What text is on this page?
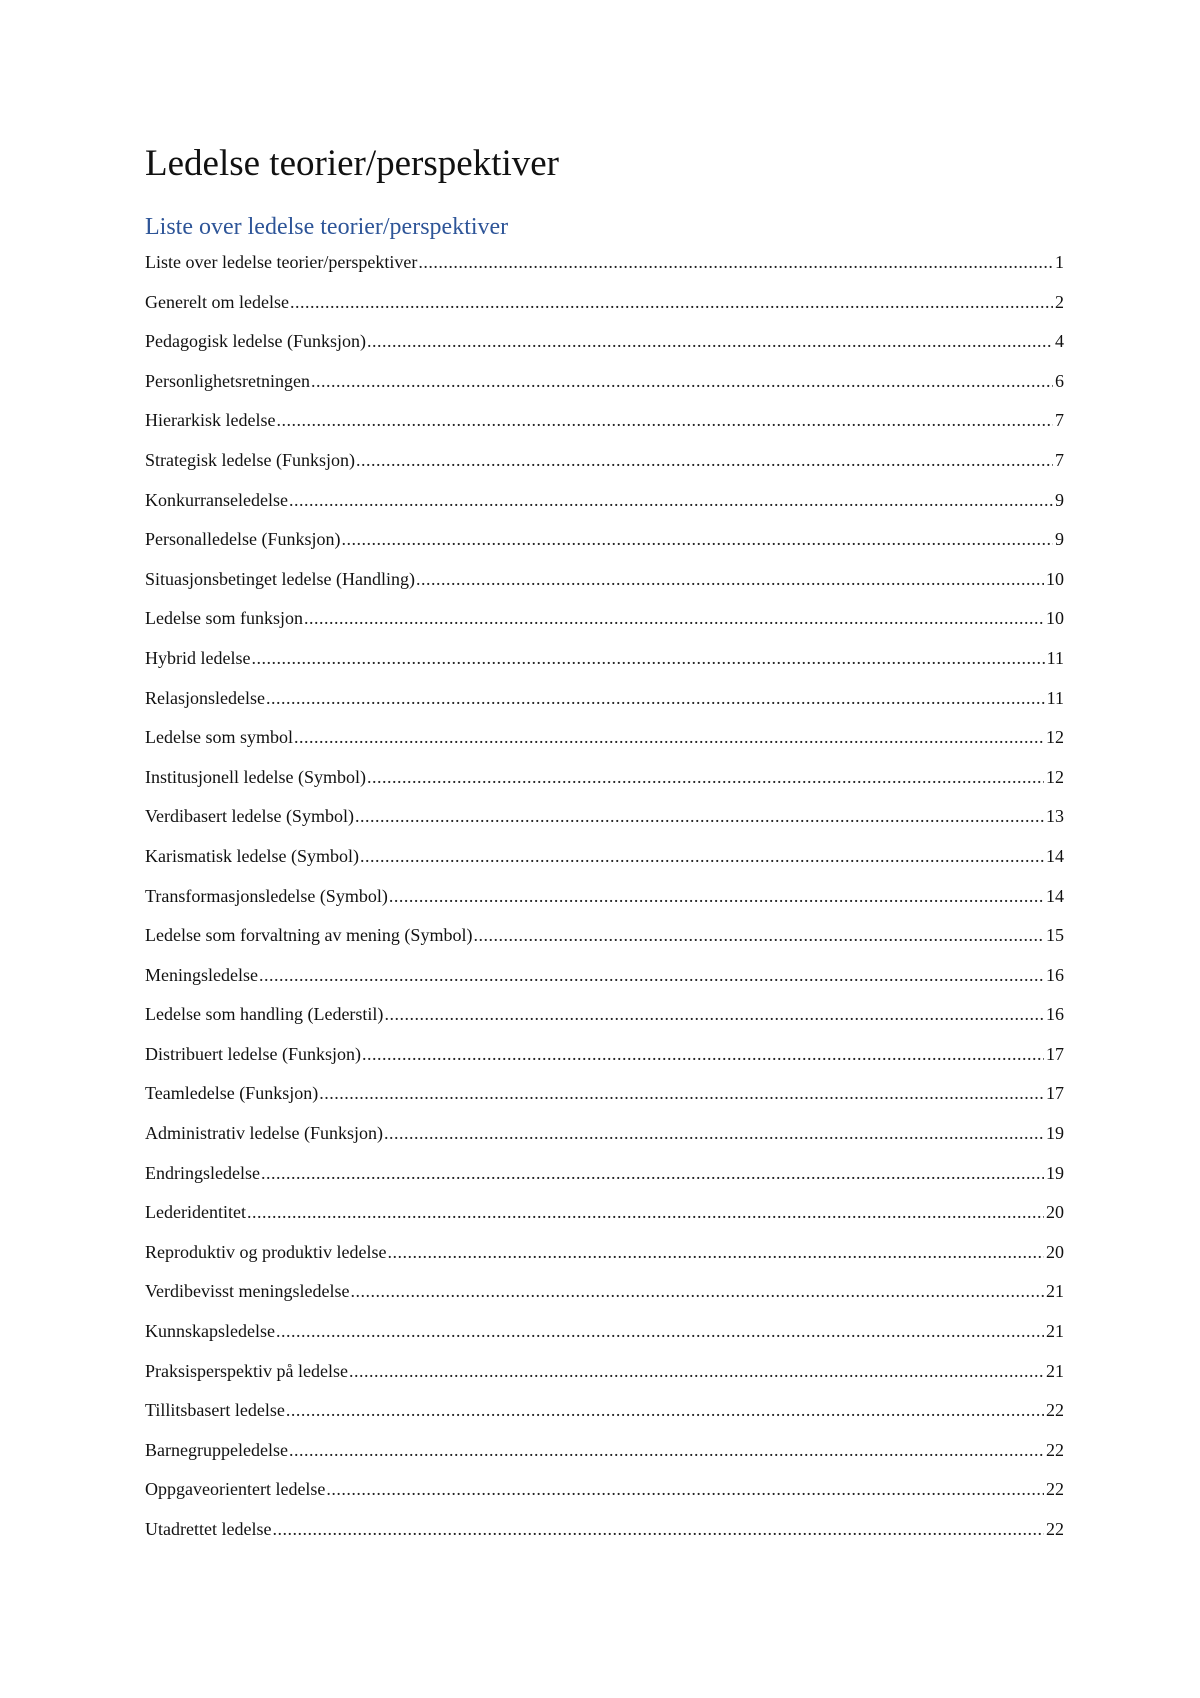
Ledelse teorier/perspektiver
Liste over ledelse teorier/perspektiver
Liste over ledelse teorier/perspektiver .....	1
Generelt om ledelse .....	2
Pedagogisk ledelse (Funksjon) .....	4
Personlighetsretningen .....	6
Hierarkisk ledelse .....	7
Strategisk ledelse (Funksjon) .....	7
Konkurranseledelse .....	9
Personalledelse (Funksjon) .....	9
Situasjonsbetinget ledelse (Handling) .....	10
Ledelse som funksjon .....	10
Hybrid ledelse .....	11
Relasjonsledelse .....	11
Ledelse som symbol .....	12
Institusjonell ledelse (Symbol) .....	12
Verdibasert ledelse (Symbol) .....	13
Karismatisk ledelse (Symbol) .....	14
Transformasjonsledelse (Symbol) .....	14
Ledelse som forvaltning av mening (Symbol) .....	15
Meningsledelse .....	16
Ledelse som handling (Lederstil) .....	16
Distribuert ledelse (Funksjon) .....	17
Teamledelse (Funksjon) .....	17
Administrativ ledelse (Funksjon) .....	19
Endringsledelse .....	19
Lederidentitet .....	20
Reproduktiv og produktiv ledelse .....	20
Verdibevisst meningsledelse .....	21
Kunnskapsledelse .....	21
Praksisperspektiv på ledelse .....	21
Tillitsbasert ledelse .....	22
Barnegruppeledelse .....	22
Oppgaveorientert ledelse .....	22
Utadrettet ledelse .....	22
